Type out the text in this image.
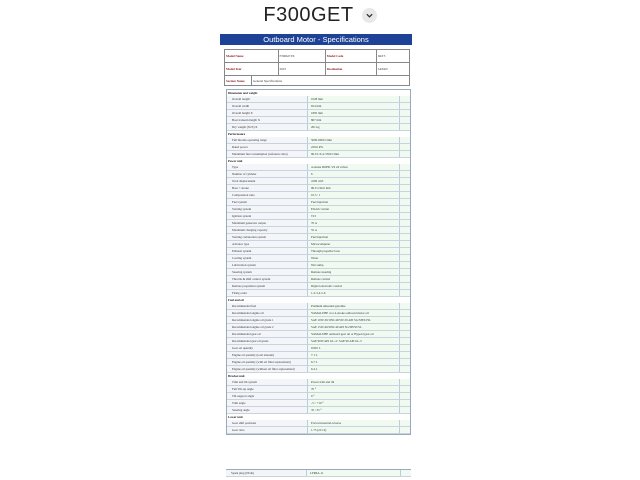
F300GET
Outboard Motor - Specifications
Model Name	F300GETX	Model Code	6KT3
Model Year	2023	Destination	JAPAN
Section Name	General Specifications
Dimension and weight
Overall length	1028 mm
Overall width	654 mm
Overall height X	1895 mm
Boat transom height X	867 mm
Dry weight (SUS) X	261 kg
Performance
Full throttle operating range	5000-6000 r/min
Rated power	220.6 kW
Maximum fuel consumption (reference data)	96.0 L/h at 5500 r/min
Power unit
Type	4-stroke DOHC V6 24 valves
Number of cylinder	6
Total displacement	4169 cm3
Bore × stroke	96.0 x 96.0 mm
Compression ratio	10.3 : 1
Fuel system	Fuel injection
Starting system	Electric starter
Ignition system	TCI
Maximum generator output	70 A
Maximum charging capacity	55 A
Starting carburetion system	Fuel injection
Advance type	Microcomputer
Exhaust system	Through propeller boss
Cooling system	Water
Lubrication system	Wet sump
Steering system	Remote steering
Throttle & shift control system	Remote control
Remote propulsion system	Digital electronic control
Firing order	1-2-3-4-5-6
Fuel and oil
Recommended fuel	Premium unleaded gasoline
Recommended engine oil	YAMALUBE 4 or 4-stroke outboard motor oil
Recommended engine oil grade 1	SAE 10W-30/10W-40/5W-30 API SG/SH/SJ/SL
Recommended engine oil grade 2	SAE 15W-40/20W-40 API SG/SH/SJ/SL
Recommended gear oil	YAMALUBE outboard gear oil or Hypoid gear oil
Recommended gear oil grade	SAE 90W API GL-4 / SAE 90 API GL-5
Gear oil quantity	0.810 L
Engine oil quantity (total amount)	7.1 L
Engine oil quantity (with oil filter replacement)	6.7 L
Engine oil quantity (without oil filter replacement)	6.4 L
Bracket unit
Trim and tilt system	Power trim and tilt
Full Tilt-up angle	70 °
Tilt-support angle	0 °
Trim angle	-3 ~ +16 °
Steering angle	35 / 35 °
Lower unit
Gear shift positions	Forward-neutral-reverse
Gear ratio	1.75 (21/12)
Spark plug (NGK)	LFR6A-11
